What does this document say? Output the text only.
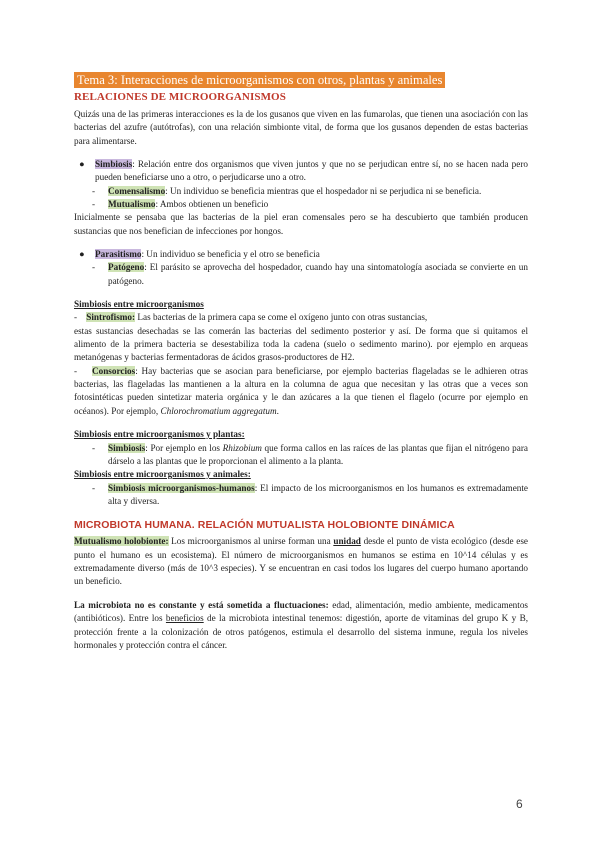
Tema 3: Interacciones de microorganismos con otros, plantas y animales
RELACIONES DE MICROORGANISMOS

Quizás una de las primeras interacciones es la de los gusanos que viven en las fumarolas, que tienen una asociación con las bacterias del azufre (autótrofas), con una relación simbionte vital, de forma que los gusanos dependen de estas bacterias para alimentarse.

● Simbiosis: Relación entre dos organismos que viven juntos y que no se perjudican entre sí, no se hacen nada pero pueden beneficiarse uno a otro, o perjudicarse uno a otro.
- Comensalismo: Un individuo se beneficia mientras que el hospedador ni se perjudica ni se beneficia.
- Mutualismo: Ambos obtienen un beneficio

Inicialmente se pensaba que las bacterias de la piel eran comensales pero se ha descubierto que también producen sustancias que nos benefician de infecciones por hongos.

● Parasitismo: Un individuo se beneficia y el otro se beneficia
- Patógeno: El parásito se aprovecha del hospedador, cuando hay una sintomatología asociada se convierte en un patógeno.
Simbiosis entre microorganismos
- Sintrofismo: Las bacterias de la primera capa se come el oxígeno junto con otras sustancias,

estas sustancias desechadas se las comerán las bacterias del sedimento posterior y así. De forma que si quitamos el alimento de la primera bacteria se desestabiliza toda la cadena (suelo o sedimento marino). por ejemplo en arqueas metanógenas y bacterias fermentadoras de ácidos grasos-productores de H2.

- Consorcios: Hay bacterias que se asocian para beneficiarse, por ejemplo bacterias flageladas se le adhieren otras bacterias, las flageladas las mantienen a la altura en la columna de agua que necesitan y las otras que a veces son fotosintéticas pueden sintetizar materia orgánica y le dan azúcares a la que tienen el flagelo (ocurre por ejemplo en océanos). Por ejemplo, Chlorochromatium aggregatum.

Simbiosis entre microorganismos y plantas:
- Simbiosis: Por ejemplo en los Rhizobium que forma callos en las raíces de las plantas que fijan el nitrógeno para dárselo a las plantas que le proporcionan el alimento a la planta.
Simbiosis entre microorganismos y animales:
- Simbiosis microorganismos-humanos: El impacto de los microorganismos en los humanos es extremadamente alta y diversa.
MICROBIOTA HUMANA. RELACIÓN MUTUALISTA HOLOBIONTE DINÁMICA

Mutualismo holobionte: Los microorganismos al unirse forman una unidad desde el punto de vista ecológico (desde ese punto el humano es un ecosistema). El número de microorganismos en humanos se estima en 10^14 células y es extremadamente diverso (más de 10^3 especies). Y se encuentran en casi todos los lugares del cuerpo humano aportando un beneficio.

La microbiota no es constante y está sometida a fluctuaciones: edad, alimentación, medio ambiente, medicamentos (antibióticos). Entre los beneficios de la microbiota intestinal tenemos: digestión, aporte de vitaminas del grupo K y B, protección frente a la colonización de otros patógenos, estimula el desarrollo del sistema inmune, regula los niveles hormonales y protección contra el cáncer.

6
